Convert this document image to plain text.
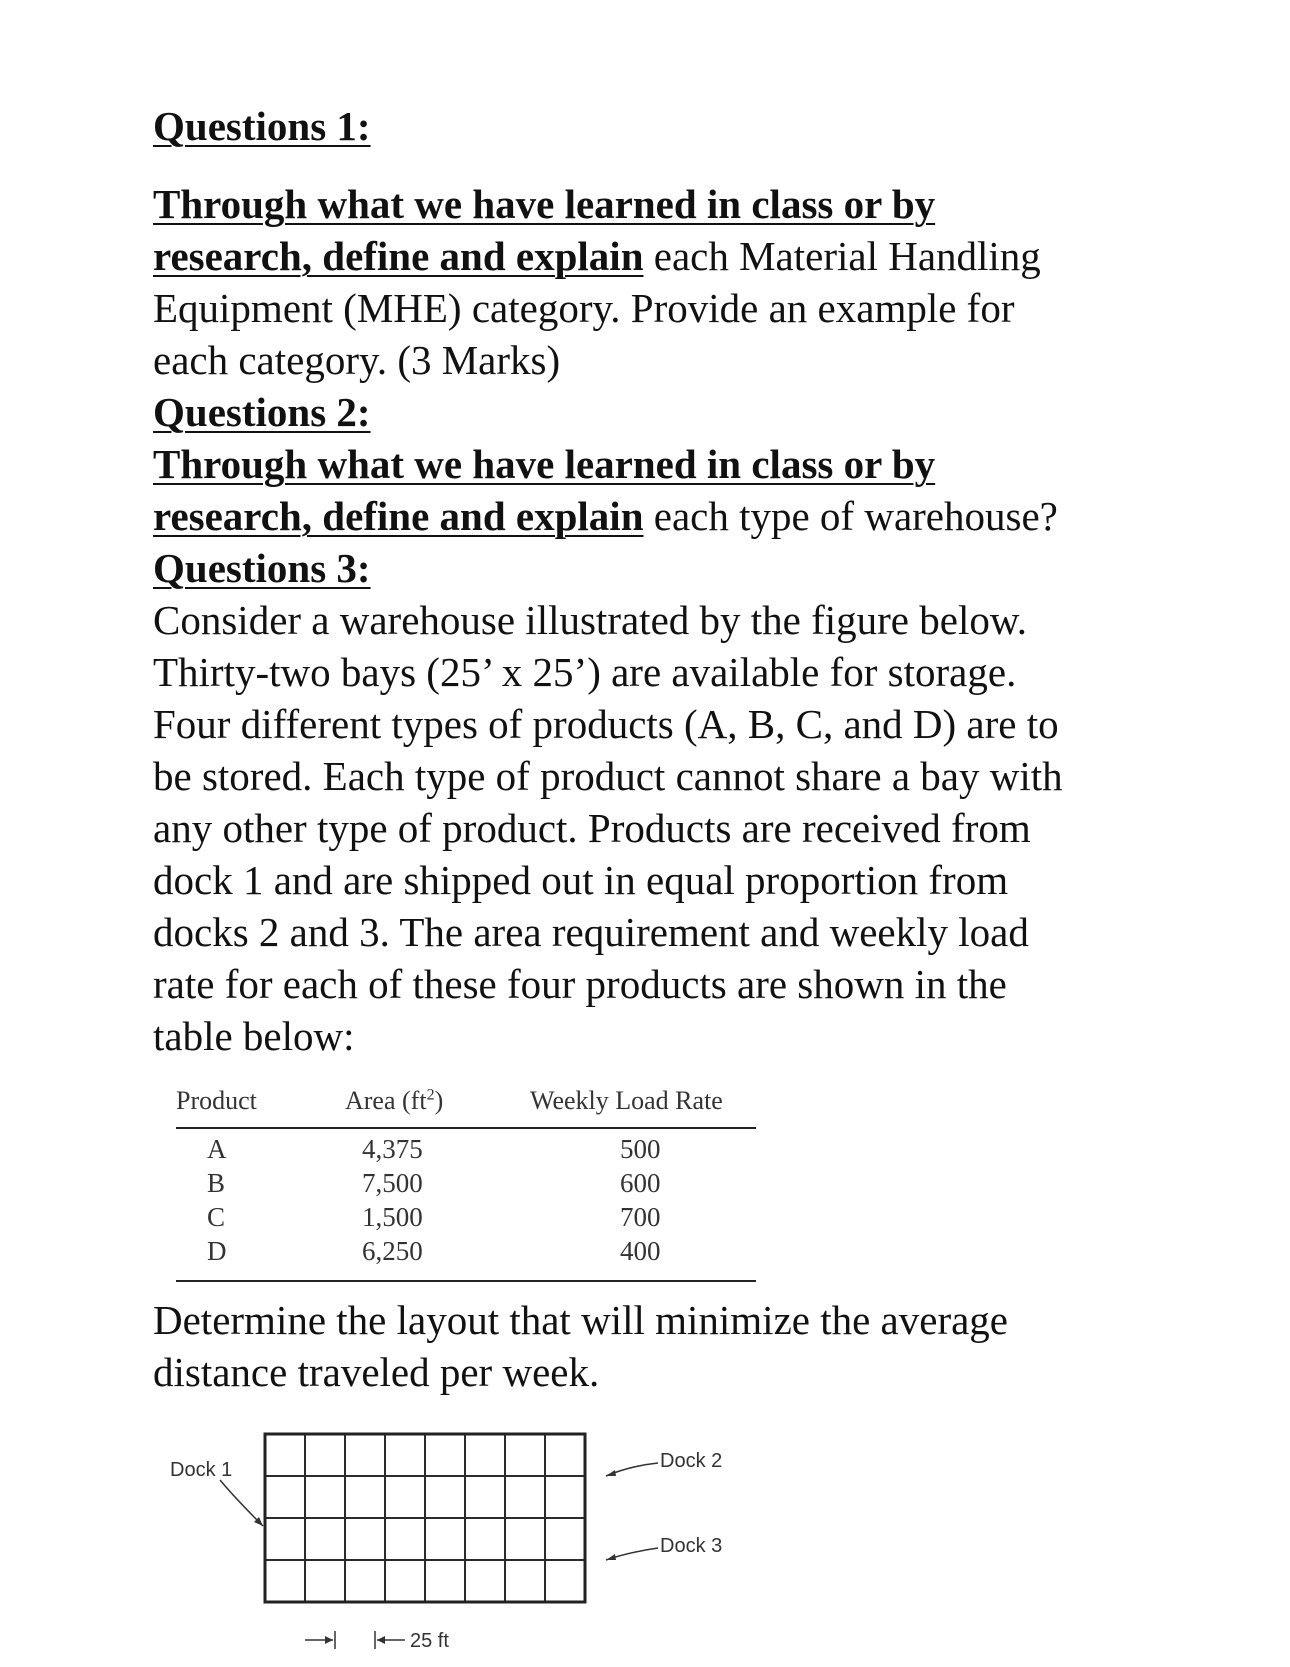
Questions 1:
Through what we have learned in class or by
research, define and explain each Material Handling
Equipment (MHE) category. Provide an example for
each category. (3 Marks)
Questions 2:
Through what we have learned in class or by
research, define and explain each type of warehouse?
Questions 3:
Consider a warehouse illustrated by the figure below.
Thirty-two bays (25’ x 25’) are available for storage.
Four different types of products (A, B, C, and D) are to
be stored. Each type of product cannot share a bay with
any other type of product. Products are received from
dock 1 and are shipped out in equal proportion from
docks 2 and 3. The area requirement and weekly load
rate for each of these four products are shown in the
table below:
Product	Area $(ft^2)$	Weekly Load Rate
A	4,375	500
B	7,500	600
C	1,500	700
D	6,250	400
Determine the layout that will minimize the average
distance traveled per week.
Dock 1	Dock 2
Dock 3
25 ft
